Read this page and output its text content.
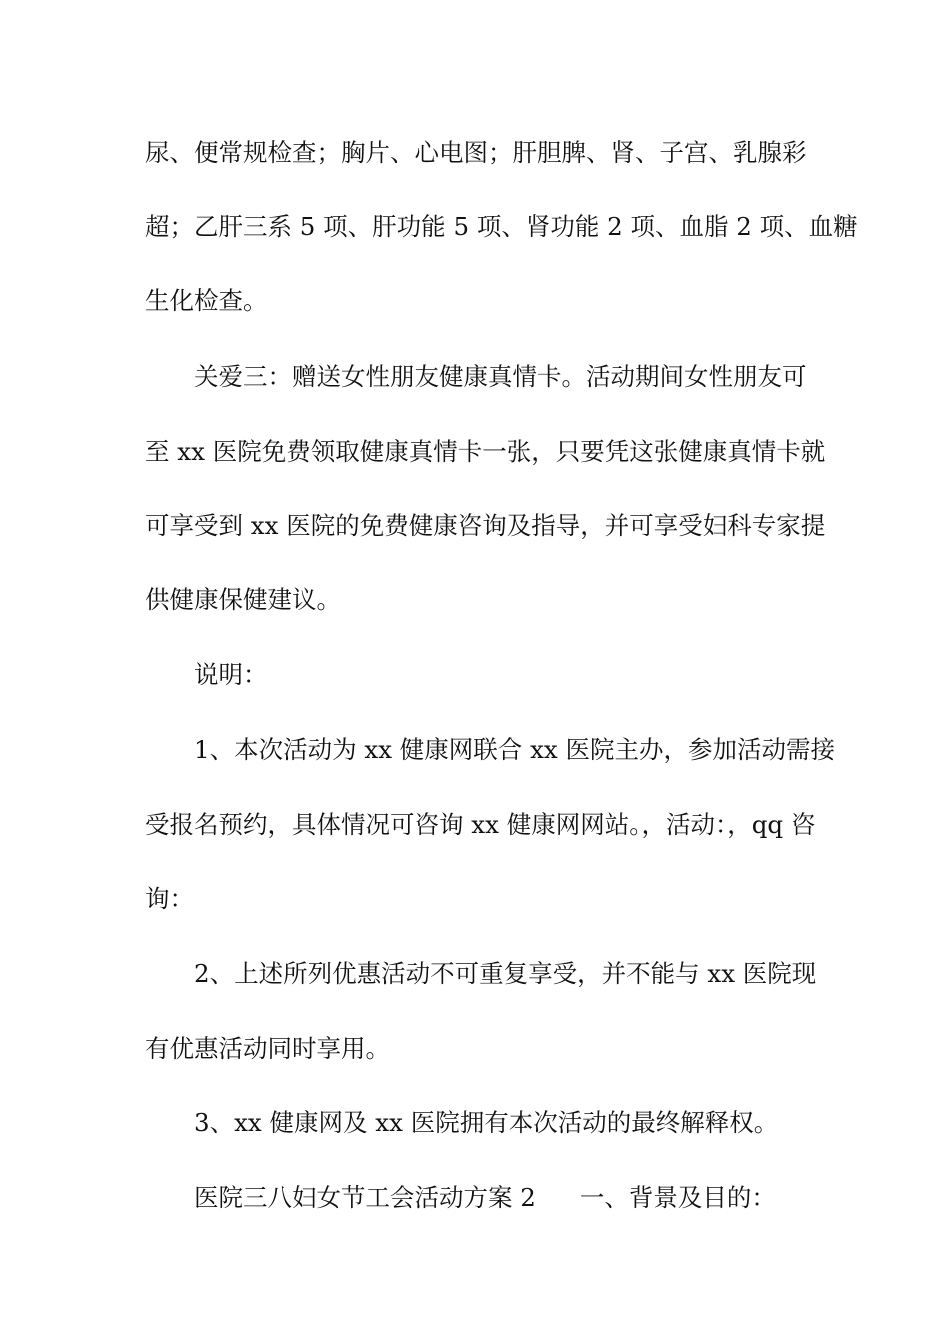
尿、便常规检查；胸片、心电图；肝胆脾、肾、子宫、乳腺彩
超；乙肝三系 5 项、肝功能 5 项、肾功能 2 项、血脂 2 项、血糖
生化检查。
关爱三：赠送女性朋友健康真情卡。活动期间女性朋友可
至 xx 医院免费领取健康真情卡一张，只要凭这张健康真情卡就
可享受到 xx 医院的免费健康咨询及指导，并可享受妇科专家提
供健康保健建议。
说明：
1、本次活动为 xx 健康网联合 xx 医院主办，参加活动需接
受报名预约，具体情况可咨询 xx 健康网网站。，活动：，qq 咨
询：
2、上述所列优惠活动不可重复享受，并不能与 xx 医院现
有优惠活动同时享用。
3、xx 健康网及 xx 医院拥有本次活动的最终解释权。
医院三八妇女节工会活动方案 2 一、背景及目的：
